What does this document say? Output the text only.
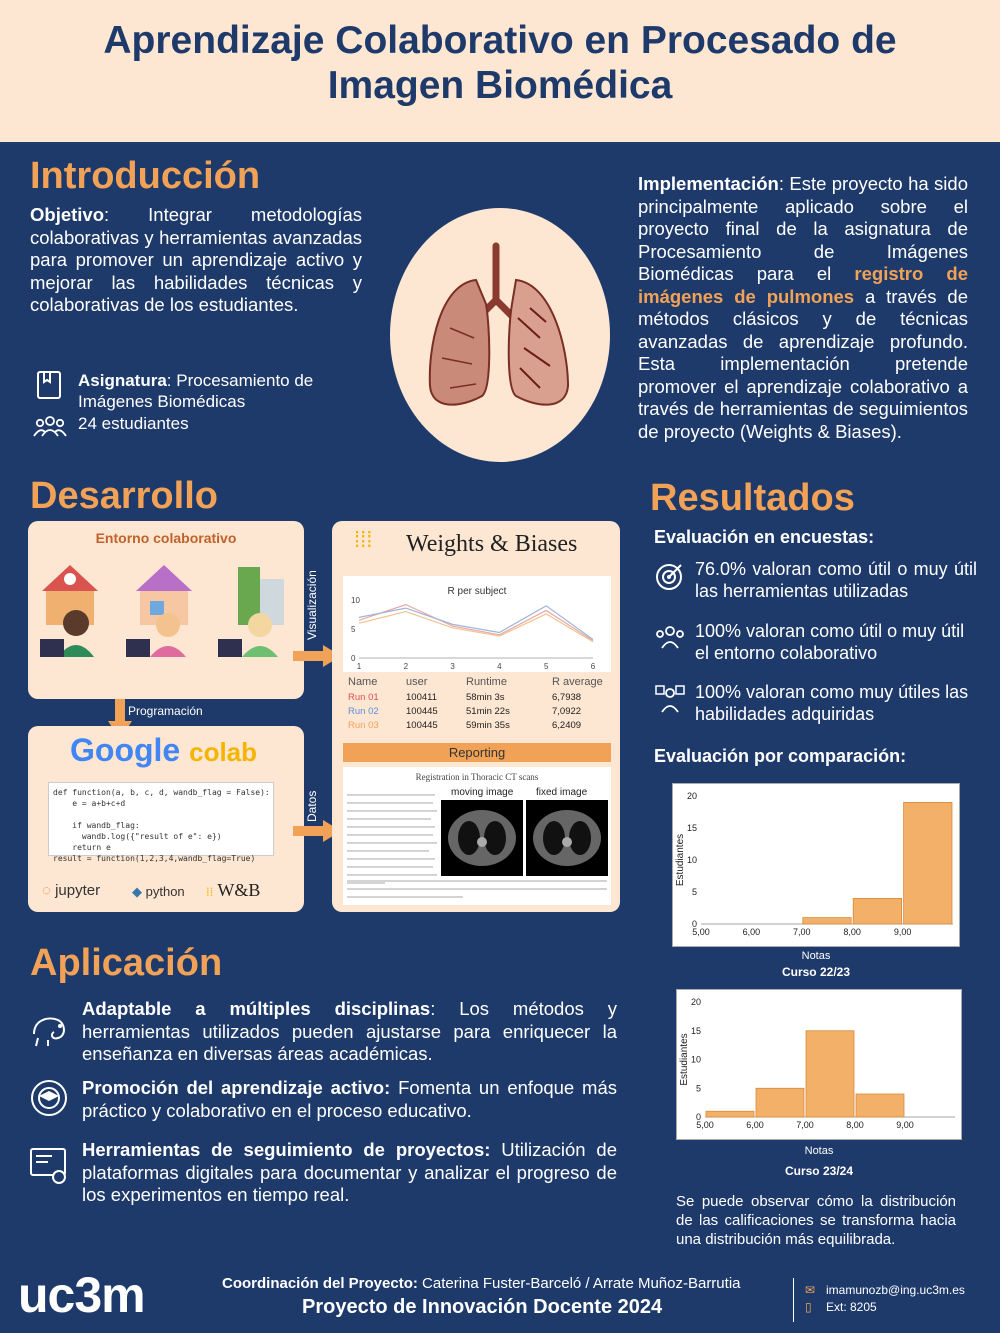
Aprendizaje Colaborativo en Procesado de Imagen Biomédica
Introducción
Objetivo: Integrar metodologías colaborativas y herramientas avanzadas para promover un aprendizaje activo y mejorar las habilidades técnicas y colaborativas de los estudiantes.
Asignatura: Procesamiento de Imágenes Biomédicas
24 estudiantes
Implementación: Este proyecto ha sido principalmente aplicado sobre el proyecto final de la asignatura de Procesamiento de Imágenes Biomédicas para el registro de imágenes de pulmones a través de métodos clásicos y de técnicas avanzadas de aprendizaje profundo. Esta implementación pretende promover el aprendizaje colaborativo a través de herramientas de seguimientos de proyecto (Weights & Biases).
Desarrollo
Entorno colaborativo
Programación
Google colab
def function(a, b, c, d, wandb_flag = False):
e = a+b+c+d

if wandb_flag:
wandb.log({"result of e": e})
return e
result = function(1,2,3,4,wandb_flag=True)
◌ jupyter ◆ python ⁞⁞ W&B
Visualización
Datos
⁞⁞⁞ Weights & Biases
R per subject
10
5
0
1	2	3	4	5	6
Name	user	Runtime	R average
Run 01	100411	58min 3s	6,7938
Run 02	100445	51min 22s	7,0922
Run 03	100445	59min 35s	6,2409
Reporting
Registration in Thoracic CT scans
moving image fixed image
Aplicación
Adaptable a múltiples disciplinas: Los métodos y herramientas utilizados pueden ajustarse para enriquecer la enseñanza en diversas áreas académicas.
Promoción del aprendizaje activo: Fomenta un enfoque más práctico y colaborativo en el proceso educativo.
Herramientas de seguimiento de proyectos: Utilización de plataformas digitales para documentar y analizar el progreso de los experimentos en tiempo real.
Resultados
Evaluación en encuestas:
76.0% valoran como útil o muy útil las herramientas utilizadas
100% valoran como útil o muy útil el entorno colaborativo
100% valoran como muy útiles las habilidades adquiridas
Evaluación por comparación:
Estudiantes
0
5
10
15
20
5,00	6,00	7,00	8,00	9,00
Notas
Curso 22/23
Estudiantes
0
5
10
15
20
5,00	6,00	7,00	8,00	9,00
Notas
Curso 23/24
Se puede observar cómo la distribución de las calificaciones se transforma hacia una distribución más equilibrada.
uc3m	Coordinación del Proyecto: Caterina Fuster-Barceló / Arrate Muñoz-Barrutia
Proyecto de Innovación Docente 2024
✉ imamunozb@ing.uc3m.es
▯ Ext: 8205
